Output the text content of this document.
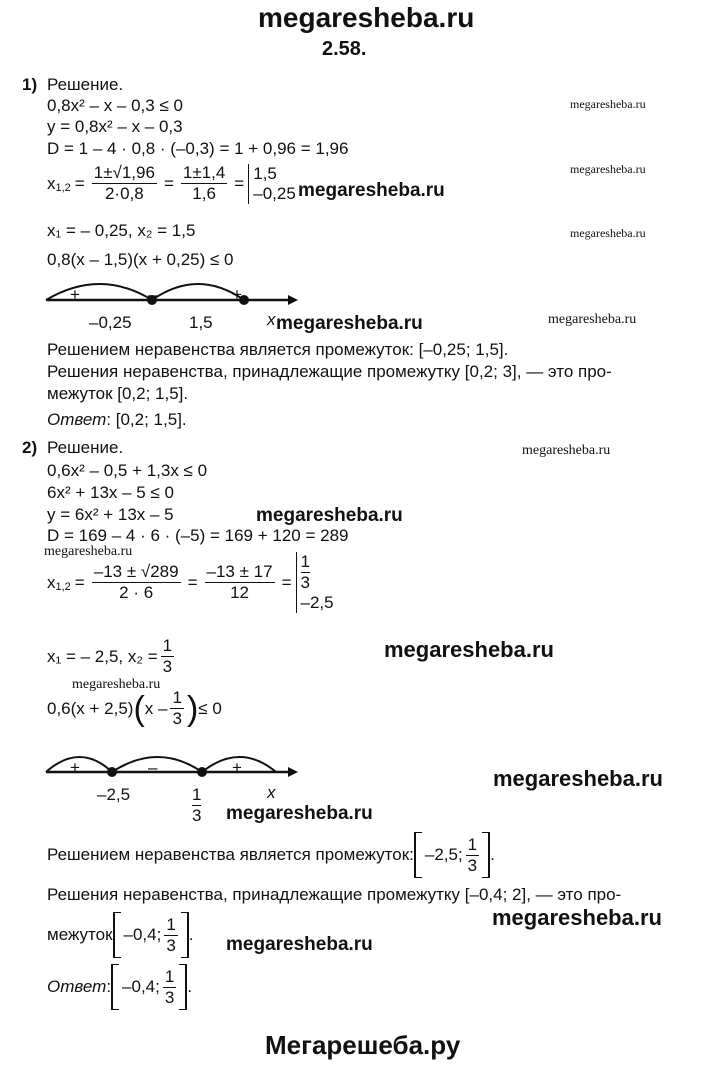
megaresheba.ru
2.58.
1) Решение.
0,8x² – x – 0,3 ≤ 0
y = 0,8x² – x – 0,3
D = 1 – 4 · 0,8 · (–0,3) = 1 + 0,96 = 1,96
x $1,2 = \frac{1\pm√1,96}{2\cdot 0,8} = \frac{1\pm 1,4}{1,6}$ =
1,5
–0,25
x₁ = – 0,25, x₂ = 1,5
0,8(x – 1,5)(x + 0,25) ≤ 0
+	–	+
–0,25	1,5	x
Решением неравенства является промежуток: [–0,25; 1,5].
Решения неравенства, принадлежащие промежутку [0,2; 3], — это про-
межуток [0,2; 1,5].
Ответ: [0,2; 1,5].
2) Решение.
0,6x² – 0,5 + 1,3x ≤ 0
6x² + 13x – 5 ≤ 0
y = 6x² + 13x – 5
D = 169 – 4 · 6 · (–5) = 169 + 120 = 289
x $1,2 = \frac{-13 \pm √289}{2 \cdot 6} = \frac{-13 \pm 17}{12} = \frac{1}{3}$
–2,5
x₁ = – 2,5, $x_2 = \frac{1}{3}$
0,6(x + 2,5) ( x – $\frac{1}{3}$ ) ≤ 0
+	–	+
–2,5	$\frac{1}{3}$	x
Решением неравенства является промежуток: –2,5; $\frac{1}{3}$ .
Решения неравенства, принадлежащие промежутку [–0,4; 2], — это про-
межуток –0,4; $\frac{1}{3}$ .
Ответ : –0,4; $\frac{1}{3}$ .
megaresheba.ru
megaresheba.ru
megaresheba.ru
megaresheba.ru
megaresheba.ru	megaresheba.ru
megaresheba.ru
megaresheba.ru
megaresheba.ru
megaresheba.ru
megaresheba.ru
megaresheba.ru
megaresheba.ru
megaresheba.ru
megaresheba.ru
Мегарешеба.ру
